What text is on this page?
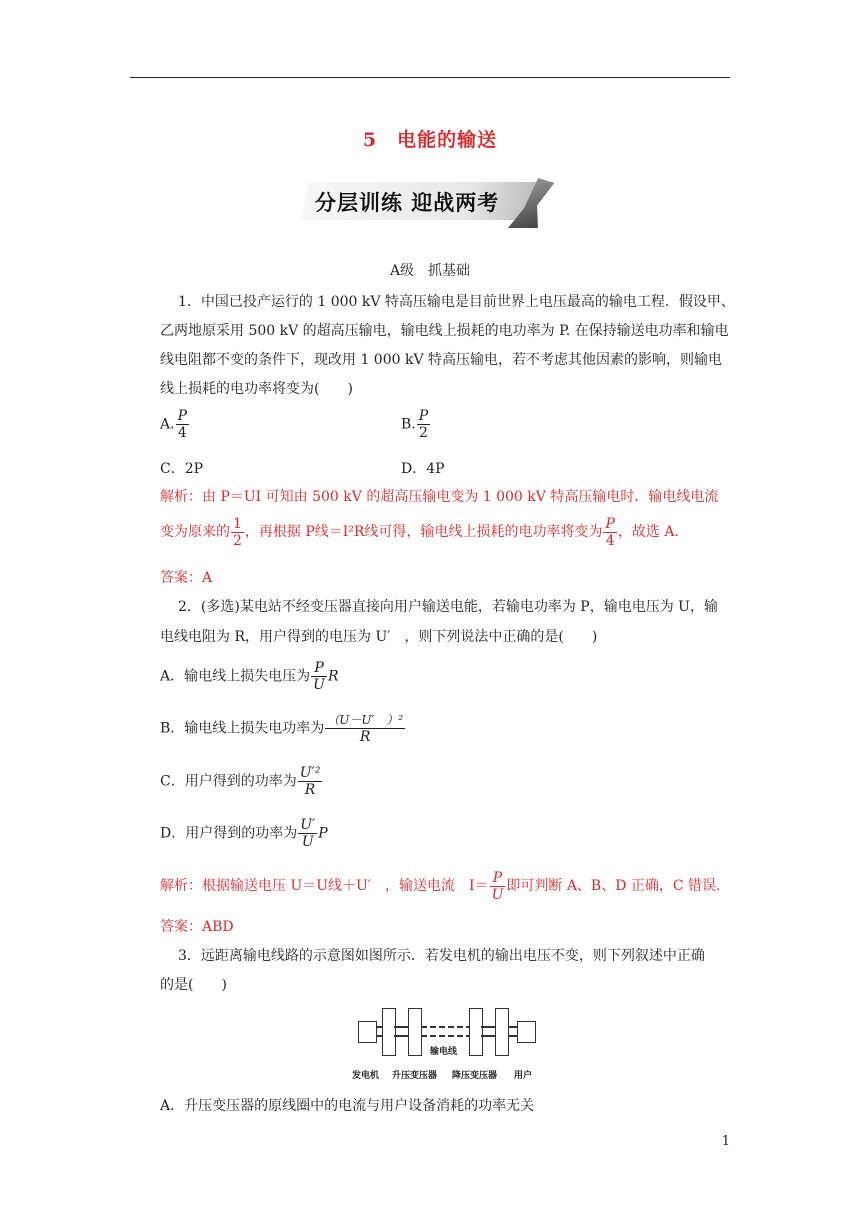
5　电能的输送
分层训练 迎战两考
A级　抓基础
1．中国已投产运行的 1 000 kV 特高压输电是目前世界上电压最高的输电工程．假设甲、
乙两地原采用 500 kV 的超高压输电，输电线上损耗的电功率为 P. 在保持输送电功率和输电
线电阻都不变的条件下，现改用 1 000 kV 特高压输电，若不考虑其他因素的影响，则输电
线上损耗的电功率将变为(　　)
A. $\frac{P}{4}$	B. $\frac{P}{2}$
C．2P	D．4P
解析：由 P＝UI 可知由 500 kV 的超高压输电变为 1 000 kV 特高压输电时．输电线电流
变为原来的 $\frac{1}{2}$ ，再根据 P线＝I²R线可得，输电线上损耗的电功率将变为 $\frac{P}{4}$ ，故选 A.
答案：A
2．(多选)某电站不经变压器直接向用户输送电能，若输电功率为 P，输电电压为 U，输
电线电阻为 R，用户得到的电压为 U′　，则下列说法中正确的是(　　)
A．输电线上损失电压为 $\frac{P}{U}$ R
B．输电线上损失电功率为 $\frac{\text{（U－U′　）²}}{R}$
C．用户得到的功率为 $\frac{\text{U′²}}{R}$
D．用户得到的功率为 $\frac{U'}{U}$ P
解析：根据输送电压 U＝U线＋U′　，输送电流　$I= \frac{P}{U}$ 即可判断 A、B、D 正确，C 错误.
答案：ABD
3．远距离输电线路的示意图如图所示．若发电机的输出电压不变，则下列叙述中正确
的是(　　)
输电线
发电机 升压变压器 降压变压器 用户
A．升压变压器的原线圈中的电流与用户设备消耗的功率无关
1
